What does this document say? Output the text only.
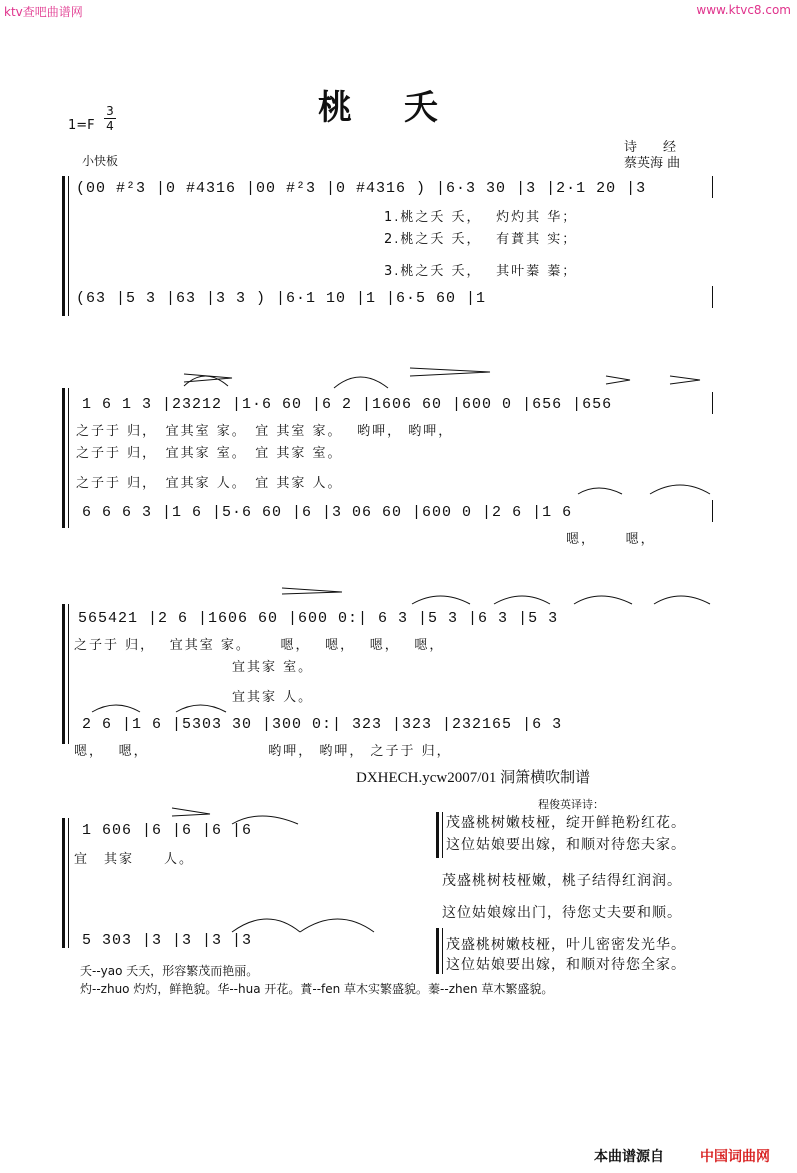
ktv查吧曲谱网	www.ktvc8.com
$1=F \frac{3}{4}$	桃夭
诗　　经
蔡英海 曲
小快板
(00 #²3 |0 #4316 |00 #²3 |0 #4316 ) |6·3 30 |3 |2·1 20 |3
1.桃之夭 夭，　 灼灼其 华；
2.桃之夭 夭，　 有蕡其 实；
3.桃之夭 夭，　 其叶蓁 蓁；
(63 |5 3 |63 |3 3 ) |6·1 10 |1 |6·5 60 |1
1 6 1 3 |23212 |1·6 60 |6 2 |1606 60 |600 0 |656 |656
之子于 归，　宜其室 家。　宜 其室 家。　 哟呷， 哟呷，
之子于 归，　宜其家 室。　宜 其家 室。
之子于 归，　宜其家 人。　宜 其家 人。
6 6 6 3 |1 6 |5·6 60 |6 |3 06 60 |600 0 |2 6 |1 6
嗯，　　 嗯，
565421 |2 6 |1606 60 |600 0:| 6 3 |5 3 |6 3 |5 3
之子于 归，　 宜其室 家。　　 嗯，　 嗯，　 嗯，　 嗯，
宜其家 室。
宜其家 人。
2 6 |1 6 |5303 30 |300 0:| 323 |323 |232165 |6 3
嗯，　 嗯，　　　　　　　　 哟呷， 哟呷， 之子于 归，
DXHECH.ycw2007/01 洞箫横吹制谱
1 606 |6 |6 |6 |6
宜　其家　　人。
5 303 |3 |3 |3 |3
程俊英译诗：
茂盛桃树嫩枝桠，绽开鲜艳粉红花。
这位姑娘要出嫁，和顺对待您夫家。
茂盛桃树枝桠嫩，桃子结得红润润。
这位姑娘嫁出门，待您丈夫要和顺。
茂盛桃树嫩枝桠，叶儿密密发光华。
这位姑娘要出嫁，和顺对待您全家。
夭--yao 夭夭，形容繁茂而艳丽。
灼--zhuo 灼灼，鲜艳貌。华--hua 开花。蕡--fen 草木实繁盛貌。蓁--zhen 草木繁盛貌。
本曲谱源自	中国词曲网
